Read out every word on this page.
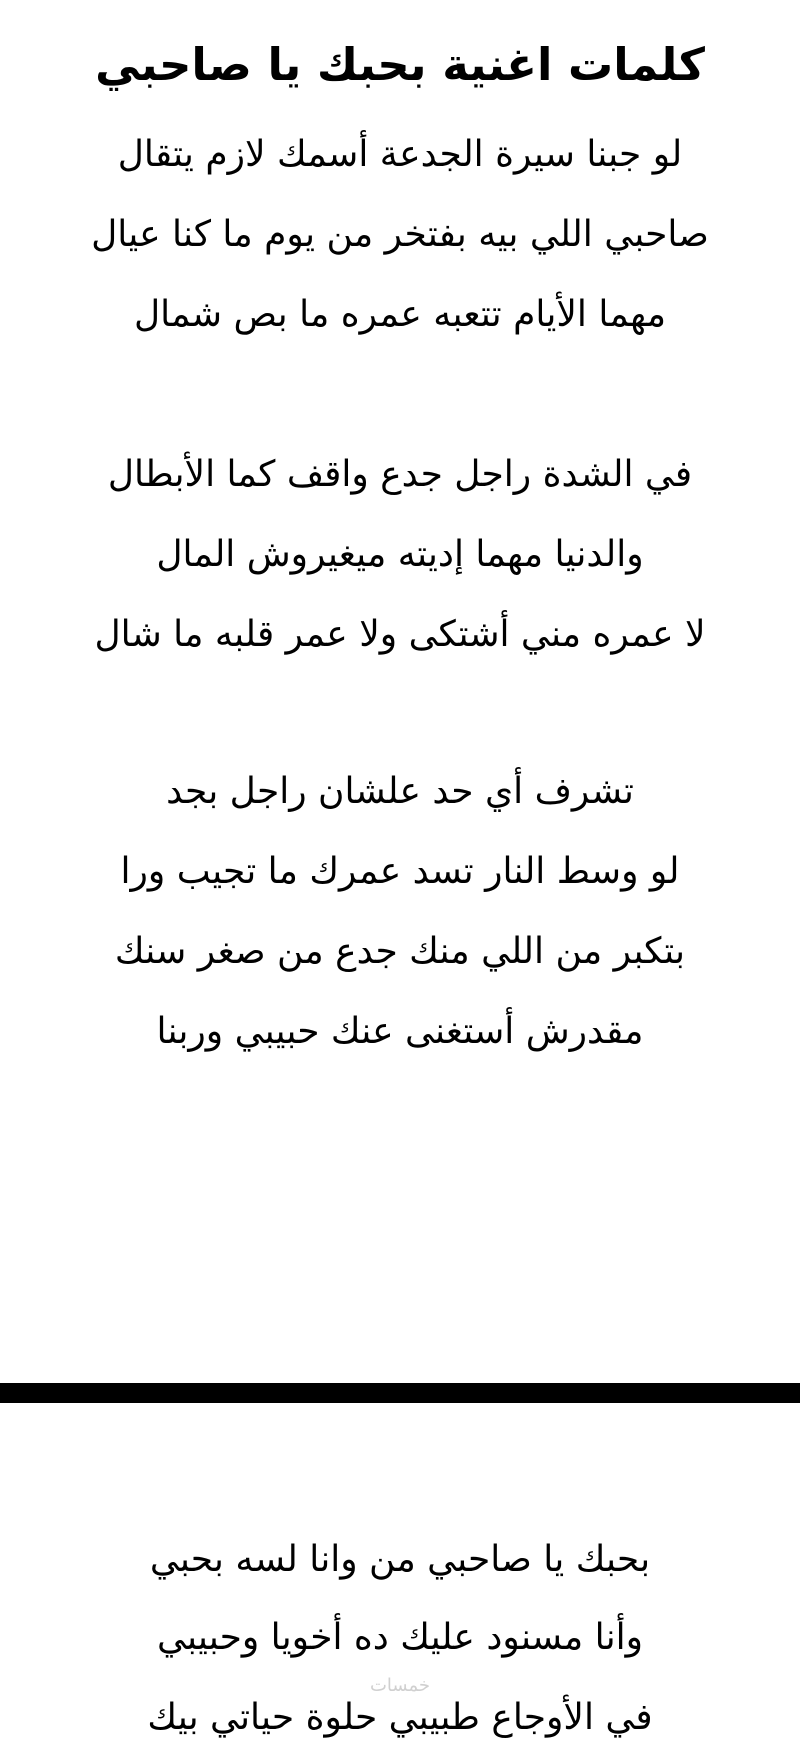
كلمات اغنية بحبك يا صاحبي
لو جبنا سيرة الجدعة أسمك لازم يتقال
صاحبي اللي بيه بفتخر من يوم ما كنا عيال
مهما الأيام تتعبه عمره ما بص شمال
في الشدة راجل جدع واقف كما الأبطال
والدنيا مهما إديته ميغيروش المال
لا عمره مني أشتكى ولا عمر قلبه ما شال
تشرف أي حد علشان راجل بجد
لو وسط النار تسد عمرك ما تجيب ورا
بتكبر من اللي منك جدع من صغر سنك
مقدرش أستغنى عنك حبيبي وربنا
بحبك يا صاحبي من وانا لسه بحبي
وأنا مسنود عليك ده أخويا وحبيبي
في الأوجاع طبيبي حلوة حياتي بيك
خمسات
